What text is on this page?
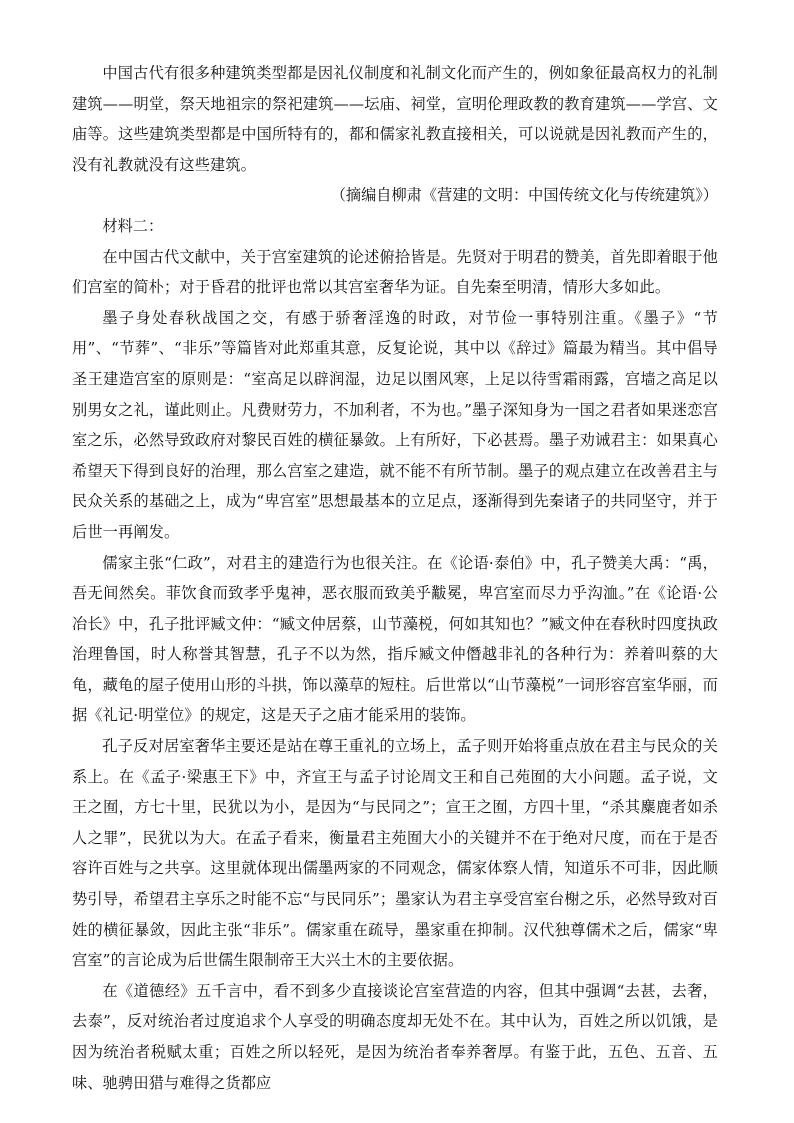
中国古代有很多种建筑类型都是因礼仪制度和礼制文化而产生的，例如象征最高权力的礼制建筑——明堂，祭天地祖宗的祭祀建筑——坛庙、祠堂，宣明伦理政教的教育建筑——学宫、文庙等。这些建筑类型都是中国所特有的，都和儒家礼教直接相关，可以说就是因礼教而产生的，没有礼教就没有这些建筑。

（摘编自柳肃《营建的文明：中国传统文化与传统建筑》）

材料二：

在中国古代文献中，关于宫室建筑的论述俯拾皆是。先贤对于明君的赞美，首先即着眼于他们宫室的简朴；对于昏君的批评也常以其宫室奢华为证。自先秦至明清，情形大多如此。

墨子身处春秋战国之交，有感于骄奢淫逸的时政，对节俭一事特别注重。《墨子》“节用”、“节葬”、“非乐”等篇皆对此郑重其意，反复论说，其中以《辞过》篇最为精当。其中倡导圣王建造宫室的原则是：“室高足以辟润湿，边足以圉风寒，上足以待雪霜雨露，宫墙之高足以别男女之礼，谨此则止。凡费财劳力，不加利者，不为也。”墨子深知身为一国之君者如果迷恋宫室之乐，必然导致政府对黎民百姓的横征暴敛。上有所好，下必甚焉。墨子劝诫君主：如果真心希望天下得到良好的治理，那么宫室之建造，就不能不有所节制。墨子的观点建立在改善君主与民众关系的基础之上，成为“卑宫室”思想最基本的立足点，逐渐得到先秦诸子的共同坚守，并于后世一再阐发。

儒家主张“仁政”，对君主的建造行为也很关注。在《论语·泰伯》中，孔子赞美大禹：“禹，吾无间然矣。菲饮食而致孝乎鬼神，恶衣服而致美乎黻冕，卑宫室而尽力乎沟洫。”在《论语·公冶长》中，孔子批评臧文仲：“臧文仲居蔡，山节藻棁，何如其知也？”臧文仲在春秋时四度执政治理鲁国，时人称誉其智慧，孔子不以为然，指斥臧文仲僭越非礼的各种行为：养着叫蔡的大龟，藏龟的屋子使用山形的斗拱，饰以藻草的短柱。后世常以“山节藻棁”一词形容宫室华丽，而据《礼记·明堂位》的规定，这是天子之庙才能采用的装饰。

孔子反对居室奢华主要还是站在尊王重礼的立场上，孟子则开始将重点放在君主与民众的关系上。在《孟子·梁惠王下》中，齐宣王与孟子讨论周文王和自己苑囿的大小问题。孟子说，文王之囿，方七十里，民犹以为小，是因为“与民同之”；宣王之囿，方四十里，“杀其麋鹿者如杀人之罪”，民犹以为大。在孟子看来，衡量君主苑囿大小的关键并不在于绝对尺度，而在于是否容许百姓与之共享。这里就体现出儒墨两家的不同观念，儒家体察人情，知道乐不可非，因此顺势引导，希望君主享乐之时能不忘“与民同乐”；墨家认为君主享受宫室台榭之乐，必然导致对百姓的横征暴敛，因此主张“非乐”。儒家重在疏导，墨家重在抑制。汉代独尊儒术之后，儒家“卑宫室”的言论成为后世儒生限制帝王大兴土木的主要依据。

在《道德经》五千言中，看不到多少直接谈论宫室营造的内容，但其中强调“去甚，去奢，去泰”，反对统治者过度追求个人享受的明确态度却无处不在。其中认为，百姓之所以饥饿，是因为统治者税赋太重；百姓之所以轻死，是因为统治者奉养奢厚。有鉴于此，五色、五音、五味、驰骋田猎与难得之货都应
